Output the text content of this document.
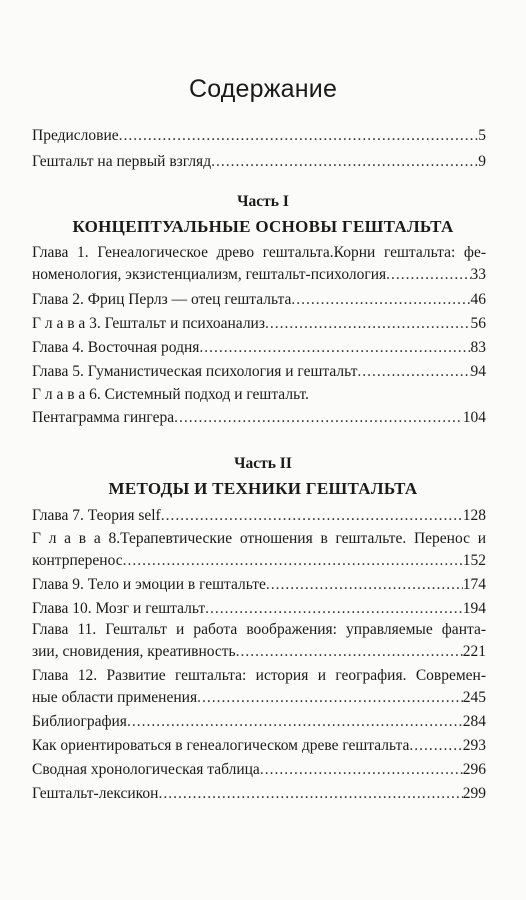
Содержание
Предисловие .....	5
Гештальт на первый взгляд .....	9
Часть I
КОНЦЕПТУАЛЬНЫЕ ОСНОВЫ ГЕШТАЛЬТА
Глава 1. Генеалогическое древо гештальта.Корни гештальта: фе-
номенология, экзистенциализм, гештальт-психология .....	33
Глава 2. Фриц Перлз — отец гештальта .....	46
Г л а в а 3. Гештальт и психоанализ .....	56
Глава 4. Восточная родня .....	83
Глава 5. Гуманистическая психология и гештальт .....	94
Г л а в а 6. Системный подход и гештальт.
Пентаграмма гингера .....	104
Часть II
МЕТОДЫ И ТЕХНИКИ ГЕШТАЛЬТА
Глава 7. Теория self .....	128
Г л а в а 8.Терапевтические отношения в гештальте. Перенос и
контрперенос .....	152
Глава 9. Тело и эмоции в гештальте .....	174
Глава 10. Мозг и гештальт .....	194
Глава 11. Гештальт и работа воображения: управляемые фанта-
зии, сновидения, креативность .....	221
Глава 12. Развитие гештальта: история и география. Современ-
ные области применения .....	245
Библиография .....	284
Как ориентироваться в генеалогическом древе гештальта .....	293
Сводная хронологическая таблица .....	296
Гештальт-лексикон .....	299
